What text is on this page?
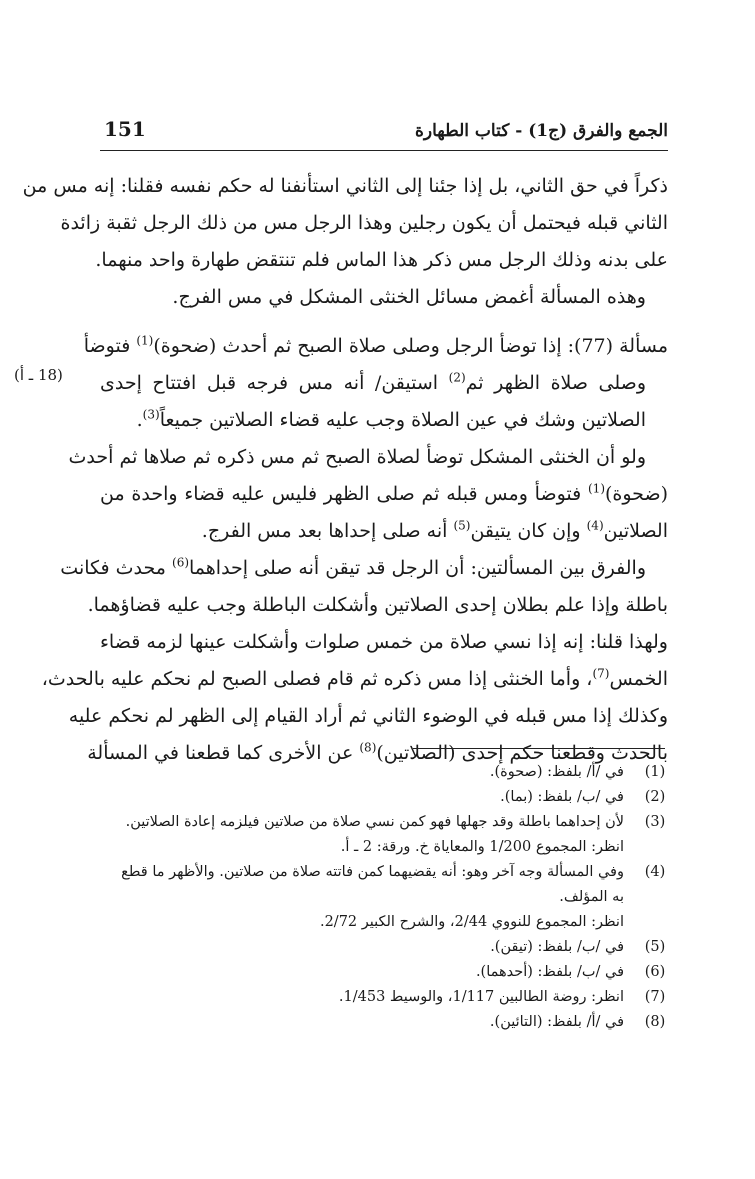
الجمع والفرق (ج1) - كتاب الطهارة
151
(18 ـ أ)
ذكراً في حق الثاني، بل إذا جئنا إلى الثاني استأنفنا له حكم نفسه فقلنا: إنه مس من
الثاني قبله فيحتمل أن يكون رجلين وهذا الرجل مس من ذلك الرجل ثقبة زائدة
على بدنه وذلك الرجل مس ذكر هذا الماس فلم تنتقض طهارة واحد منهما.
وهذه المسألة أغمض مسائل الخنثى المشكل في مس الفرج.
مسألة (77): إذا توضأ الرجل وصلى صلاة الصبح ثم أحدث (ضحوة)$^{(1)}$ فتوضأ
وصلى صلاة الظهر ثم$^{(2)}$ استيقن/ أنه مس فرجه قبل افتتاح إحدى
الصلاتين وشك في عين الصلاة وجب عليه قضاء الصلاتين جميعاً$^{(3)}$.
ولو أن الخنثى المشكل توضأ لصلاة الصبح ثم مس ذكره ثم صلاها ثم أحدث
(ضحوة)$^{(1)}$ فتوضأ ومس قبله ثم صلى الظهر فليس عليه قضاء واحدة من
الصلاتين$^{(4)}$ وإن كان يتيقن$^{(5)}$ أنه صلى إحداها بعد مس الفرج.
والفرق بين المسألتين: أن الرجل قد تيقن أنه صلى إحداهما$^{(6)}$ محدث فكانت
باطلة وإذا علم بطلان إحدى الصلاتين وأشكلت الباطلة وجب عليه قضاؤهما.
ولهذا قلنا: إنه إذا نسي صلاة من خمس صلوات وأشكلت عينها لزمه قضاء
الخمس$^{(7)}$، وأما الخنثى إذا مس ذكره ثم قام فصلى الصبح لم نحكم عليه بالحدث،
وكذلك إذا مس قبله في الوضوء الثاني ثم أراد القيام إلى الظهر لم نحكم عليه
بالحدث وقطعنا حكم إحدى (الصلاتين)$^{(8)}$ عن الأخرى كما قطعنا في المسألة
(1)
في /أ/ بلفظ: (صحوة).
(2)
في /ب/ بلفظ: (بما).
(3)
لأن إحداهما باطلة وقد جهلها فهو كمن نسي صلاة من صلاتين فيلزمه إعادة الصلاتين.
انظر: المجموع 1/200 والمعاياة خ. ورقة: 2 ـ أ.
(4)
وفي المسألة وجه آخر وهو: أنه يقضيهما كمن فاتته صلاة من صلاتين. والأظهر ما قطع
به المؤلف.
انظر: المجموع للنووي 2/44، والشرح الكبير 2/72.
(5)
في /ب/ بلفظ: (تيقن).
(6)
في /ب/ بلفظ: (أحدهما).
(7)
انظر: روضة الطالبين 1/117، والوسيط 1/453.
(8)
في /أ/ بلفظ: (التائين).
